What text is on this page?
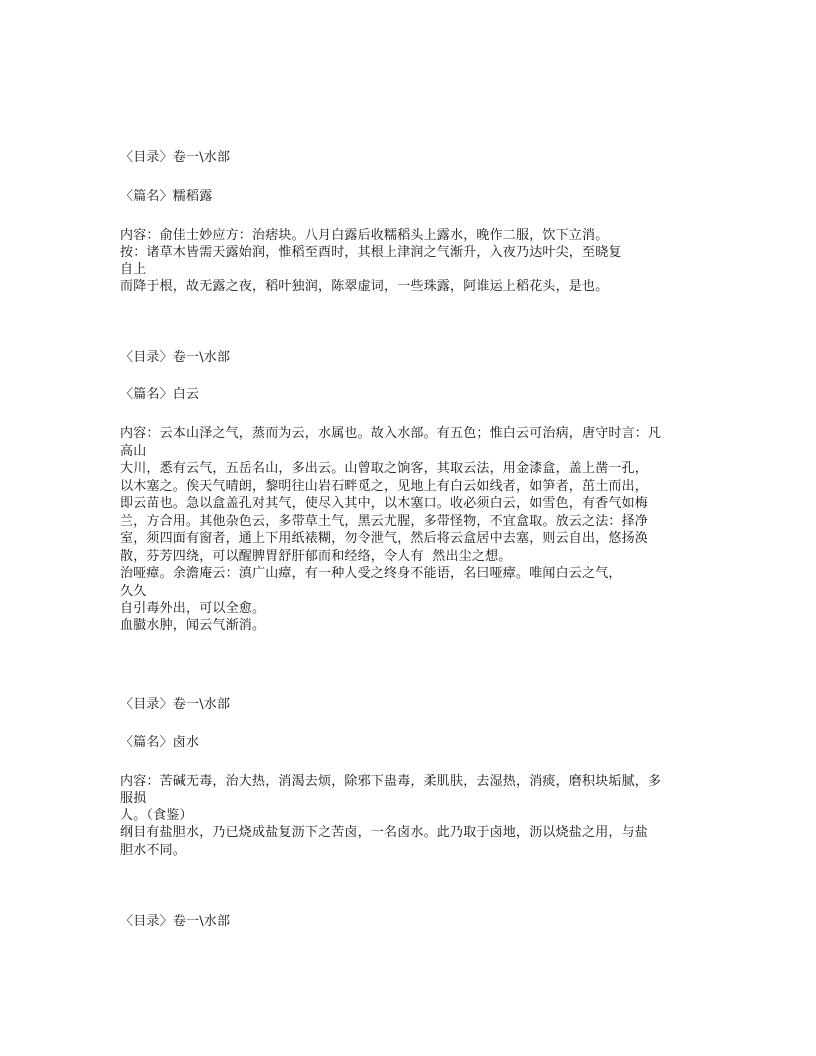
〈目录〉卷一\水部
〈篇名〉糯稻露
内容：俞佳士妙应方：治痞块。八月白露后收糯稻头上露水，晚作二服，饮下立消。
按：诸草木皆需天露始润，惟稻至酉时，其根上津润之气渐升，入夜乃达叶尖，至晓复
自上
而降于根，故无露之夜，稻叶独润，陈翠虚词，一些珠露，阿谁运上稻花头，是也。
〈目录〉卷一\水部
〈篇名〉白云
内容：云本山泽之气，蒸而为云，水属也。故入水部。有五色；惟白云可治病，唐守时言：凡
高山
大川，悉有云气，五岳名山，多出云。山曾取之饷客，其取云法，用金漆盒，盖上凿一孔，
以木塞之。俟天气晴朗，黎明往山岩石畔觅之，见地上有白云如线者，如笋者，茁土而出，
即云苗也。急以盒盖孔对其气，使尽入其中，以木塞口。收必须白云，如雪色，有香气如梅
兰，方合用。其他杂色云，多带草土气，黑云尤腥，多带怪物，不宜盒取。放云之法：择净
室，须四面有窗者，通上下用纸裱糊，勿令泄气，然后将云盒居中去塞，则云自出，悠扬涣
散，芬芳四绕，可以醒脾胃舒肝郁而和经络，令人有  然出尘之想。
治哑瘴。余澹庵云：滇广山瘴，有一种人受之终身不能语，名曰哑瘴。唯闻白云之气，
久久
自引毒外出，可以全愈。
血臌水肿，闻云气渐消。
〈目录〉卷一\水部
〈篇名〉卤水
内容：苦碱无毒，治大热，消渴去烦，除邪下蛊毒，柔肌肤，去湿热，消痰，磨积块垢腻，多
服损
人。（食鉴）
纲目有盐胆水，乃已烧成盐复沥下之苦卤，一名卤水。此乃取于卤地，沥以烧盐之用，与盐
胆水不同。
〈目录〉卷一\水部
